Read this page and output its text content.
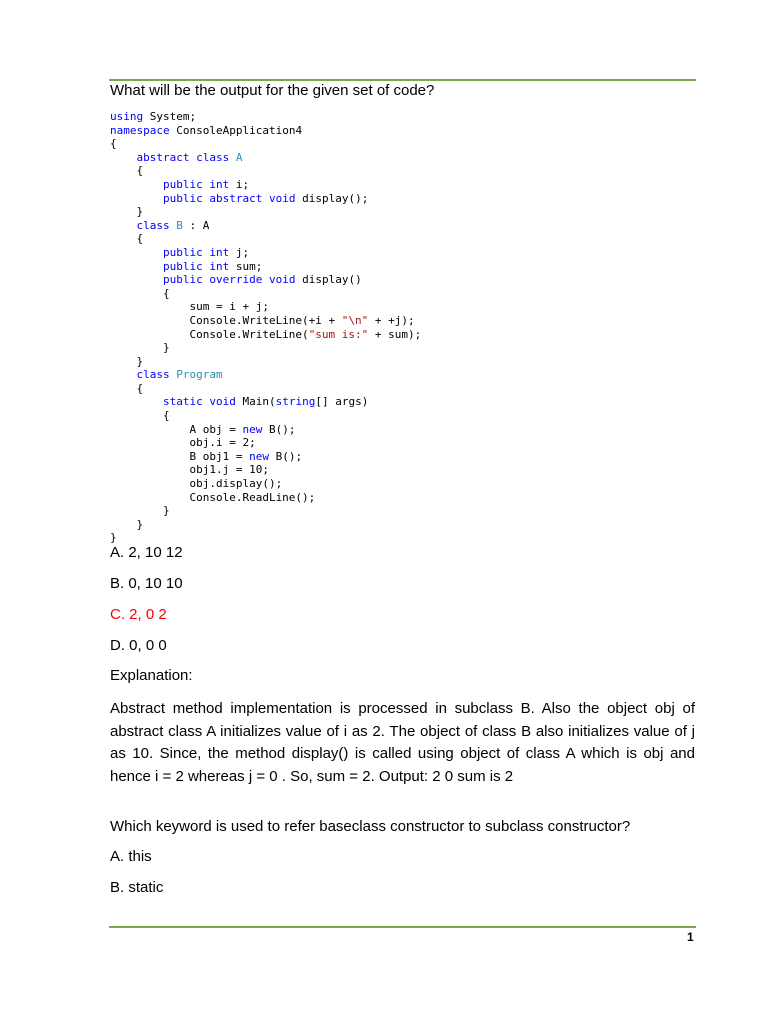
What will be the output for the given set of code?
using System;
namespace ConsoleApplication4
{
abstract class A
{
public int i;
public abstract void display();
}
class B : A
{
public int j;
public int sum;
public override void display()
{
sum = i + j;
Console.WriteLine(+i + "\n" + +j);
Console.WriteLine("sum is:" + sum);
}
}
class Program
{
static void Main(string[] args)
{
A obj = new B();
obj.i = 2;
B obj1 = new B();
obj1.j = 10;
obj.display();
Console.ReadLine();
}
}
}
A. 2, 10 12
B. 0, 10 10
C. 2, 0 2
D. 0, 0 0
Explanation:
Abstract method implementation is processed in subclass B. Also the object obj of abstract class A initializes value of i as 2. The object of class B also initializes value of j as 10. Since, the method display() is called using object of class A which is obj and hence i = 2 whereas j = 0 . So, sum = 2. Output: 2 0 sum is 2
Which keyword is used to refer baseclass constructor to subclass constructor?
A. this
B. static
1
